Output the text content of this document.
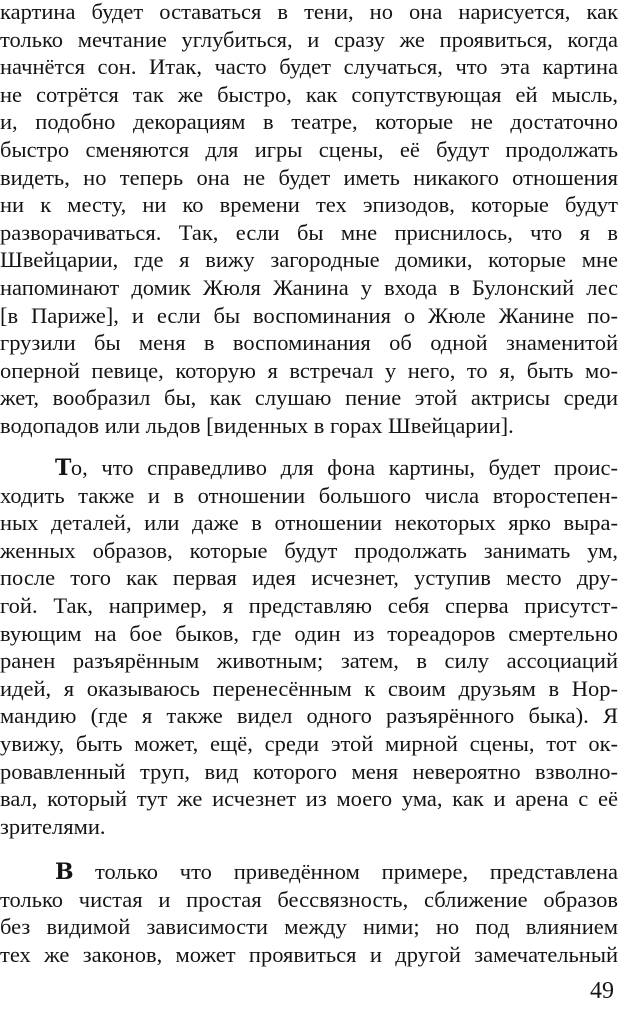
картина будет оставаться в тени, но она нарисуется, как
только мечтание углубиться, и сразу же проявиться, когда
начнётся сон. Итак, часто будет случаться, что эта картина
не сотрётся так же быстро, как сопутствующая ей мысль,
и, подобно декорациям в театре, которые не достаточно
быстро сменяются для игры сцены, её будут продолжать
видеть, но теперь она не будет иметь никакого отношения
ни к месту, ни ко времени тех эпизодов, которые будут
разворачиваться. Так, если бы мне приснилось, что я в
Швейцарии, где я вижу загородные домики, которые мне
напоминают домик Жюля Жанина у входа в Булонский лес
[в Париже], и если бы воспоминания о Жюле Жанине по-
грузили бы меня в воспоминания об одной знаменитой
оперной певице, которую я встречал у него, то я, быть мо-
жет, вообразил бы, как слушаю пение этой актрисы среди
водопадов или льдов [виденных в горах Швейцарии].
То, что справедливо для фона картины, будет проис-
ходить также и в отношении большого числа второстепен-
ных деталей, или даже в отношении некоторых ярко выра-
женных образов, которые будут продолжать занимать ум,
после того как первая идея исчезнет, уступив место дру-
гой. Так, например, я представляю себя сперва присутст-
вующим на бое быков, где один из тореадоров смертельно
ранен разъярённым животным; затем, в силу ассоциаций
идей, я оказываюсь перенесённым к своим друзьям в Нор-
мандию (где я также видел одного разъярённого быка). Я
увижу, быть может, ещё, среди этой мирной сцены, тот ок-
ровавленный труп, вид которого меня невероятно взволно-
вал, который тут же исчезнет из моего ума, как и арена с её
зрителями.
В только что приведённом примере, представлена
только чистая и простая бессвязность, сближение образов
без видимой зависимости между ними; но под влиянием
тех же законов, может проявиться и другой замечательный
49
